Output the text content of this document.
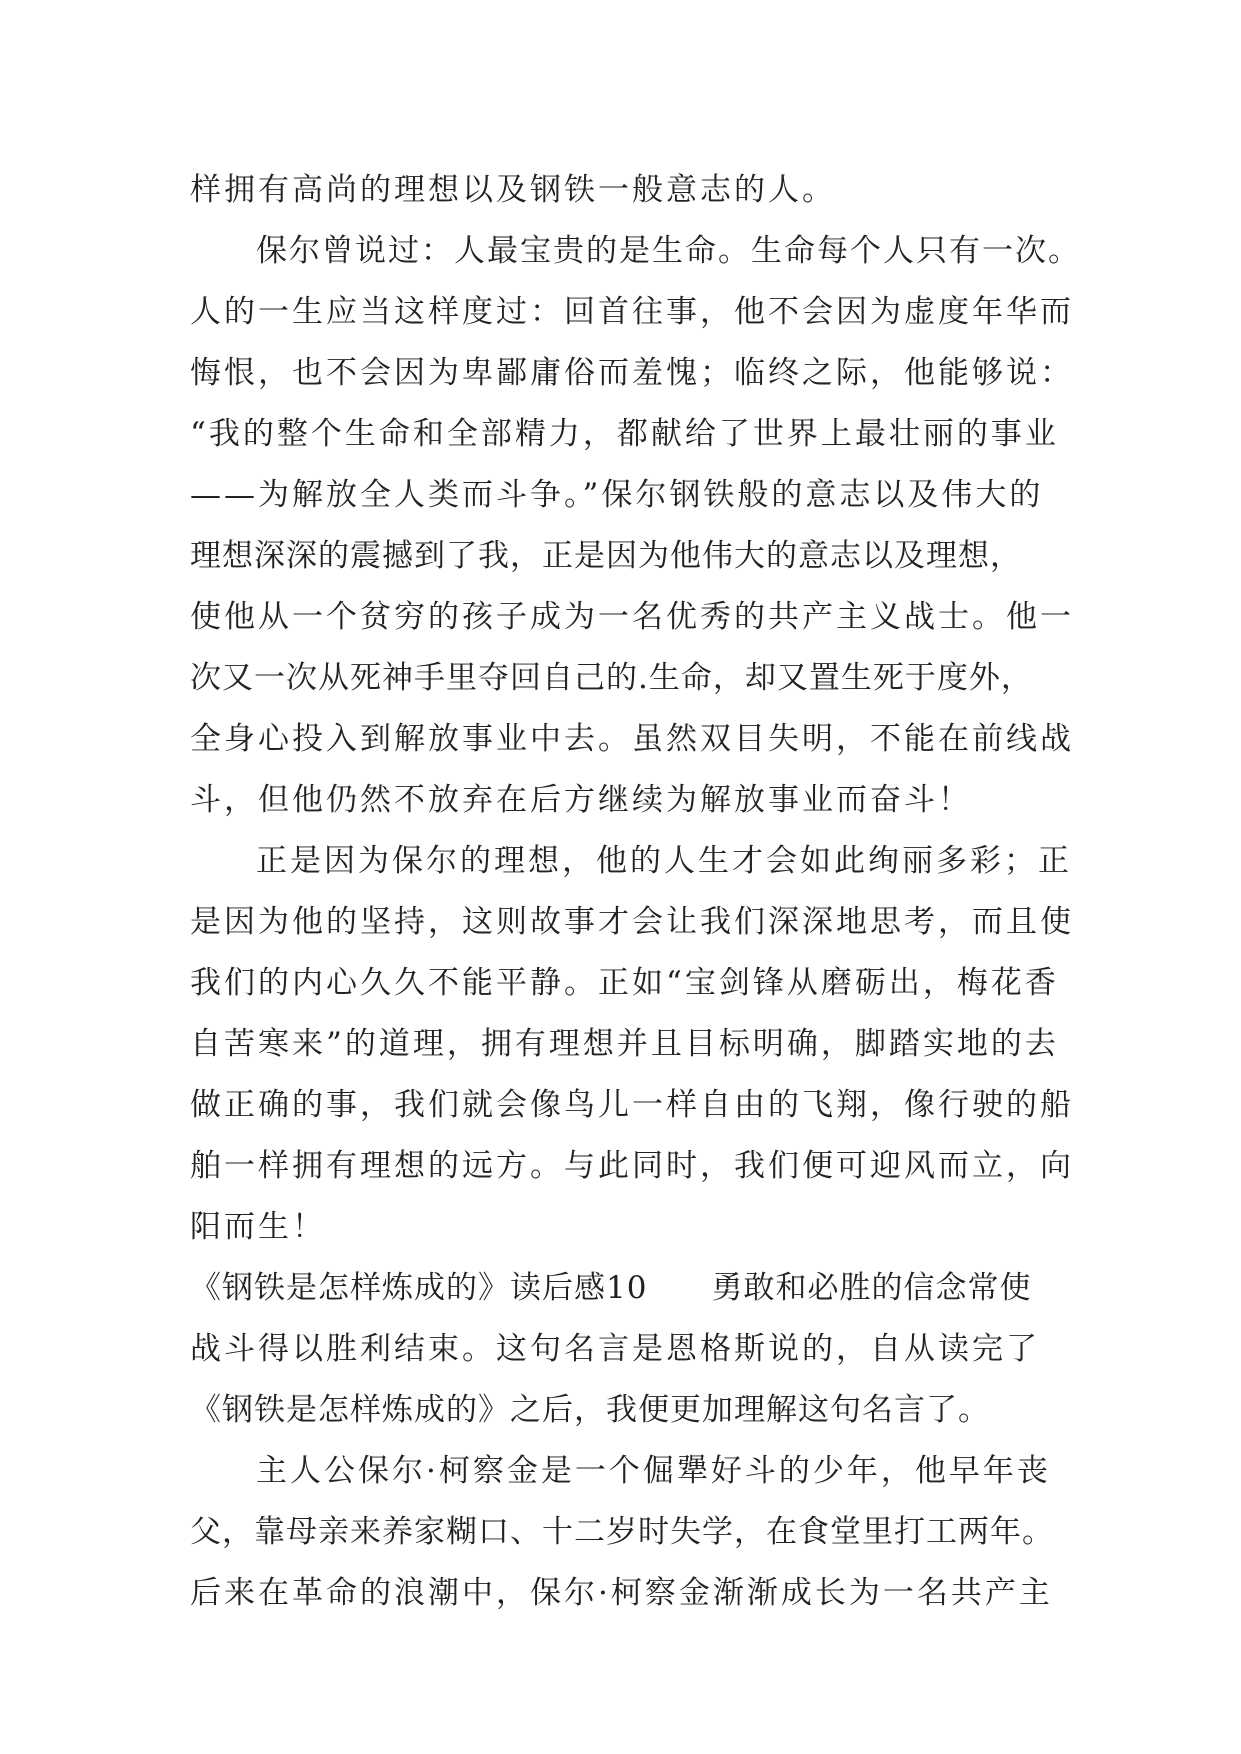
样拥有高尚的理想以及钢铁一般意志的人。
保尔曾说过：人最宝贵的是生命。生命每个人只有一次。
人的一生应当这样度过：回首往事，他不会因为虚度年华而
悔恨，也不会因为卑鄙庸俗而羞愧；临终之际，他能够说：
“我的整个生命和全部精力，都献给了世界上最壮丽的事业
——为解放全人类而斗争。”保尔钢铁般的意志以及伟大的
理想深深的震撼到了我，正是因为他伟大的意志以及理想，
使他从一个贫穷的孩子成为一名优秀的共产主义战士。他一
次又一次从死神手里夺回自己的.生命，却又置生死于度外，
全身心投入到解放事业中去。虽然双目失明，不能在前线战
斗，但他仍然不放弃在后方继续为解放事业而奋斗！
正是因为保尔的理想，他的人生才会如此绚丽多彩；正
是因为他的坚持，这则故事才会让我们深深地思考，而且使
我们的内心久久不能平静。正如“宝剑锋从磨砺出，梅花香
自苦寒来”的道理，拥有理想并且目标明确，脚踏实地的去
做正确的事，我们就会像鸟儿一样自由的飞翔，像行驶的船
舶一样拥有理想的远方。与此同时，我们便可迎风而立，向
阳而生！
《钢铁是怎样炼成的》读后感10　　勇敢和必胜的信念常使
战斗得以胜利结束。这句名言是恩格斯说的，自从读完了
《钢铁是怎样炼成的》之后，我便更加理解这句名言了。
主人公保尔·柯察金是一个倔犟好斗的少年，他早年丧
父，靠母亲来养家糊口、十二岁时失学，在食堂里打工两年。
后来在革命的浪潮中，保尔·柯察金渐渐成长为一名共产主
